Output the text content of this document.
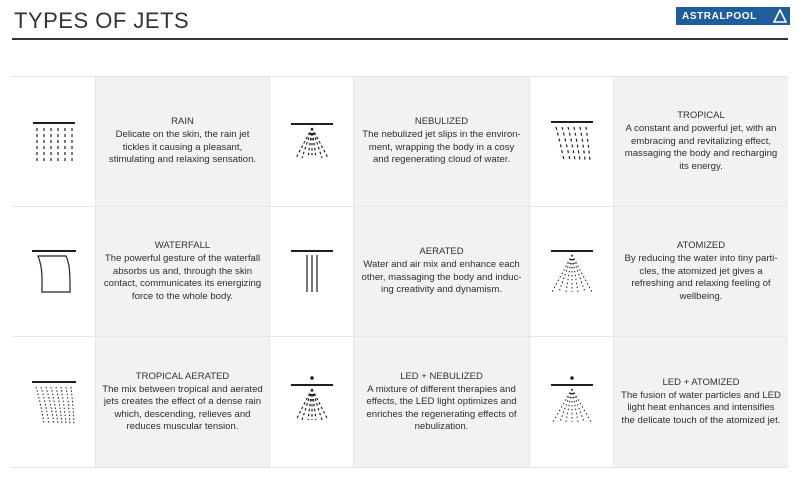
TYPES OF JETS	ASTRALPOOL
RAIN
Delicate on the skin, the rain jet tickles it causing a pleasant, stimulating and relaxing sensation.
NEBULIZED
The nebulized jet slips in the environ- ment, wrapping the body in a cosy and regenerating cloud of water.
TROPICAL
A constant and powerful jet, with an embracing and revitalizing effect, massaging the body and recharging its energy.
WATERFALL
The powerful gesture of the waterfall absorbs us and, through the skin contact, communicates its energizing force to the whole body.
AERATED
Water and air mix and enhance each other, massaging the body and induc- ing creativity and dynamism.
ATOMIZED
By reducing the water into tiny parti- cles, the atomized jet gives a refreshing and relaxing feeling of wellbeing.
TROPICAL AERATED
The mix between tropical and aerated jets creates the effect of a dense rain which, descending, relieves and reduces muscular tension.
LED + NEBULIZED
A mixture of different therapies and effects, the LED light optimizes and enriches the regenerating effects of nebulization.
LED + ATOMIZED
The fusion of water particles and LED light heat enhances and intensifies the delicate touch of the atomized jet.
